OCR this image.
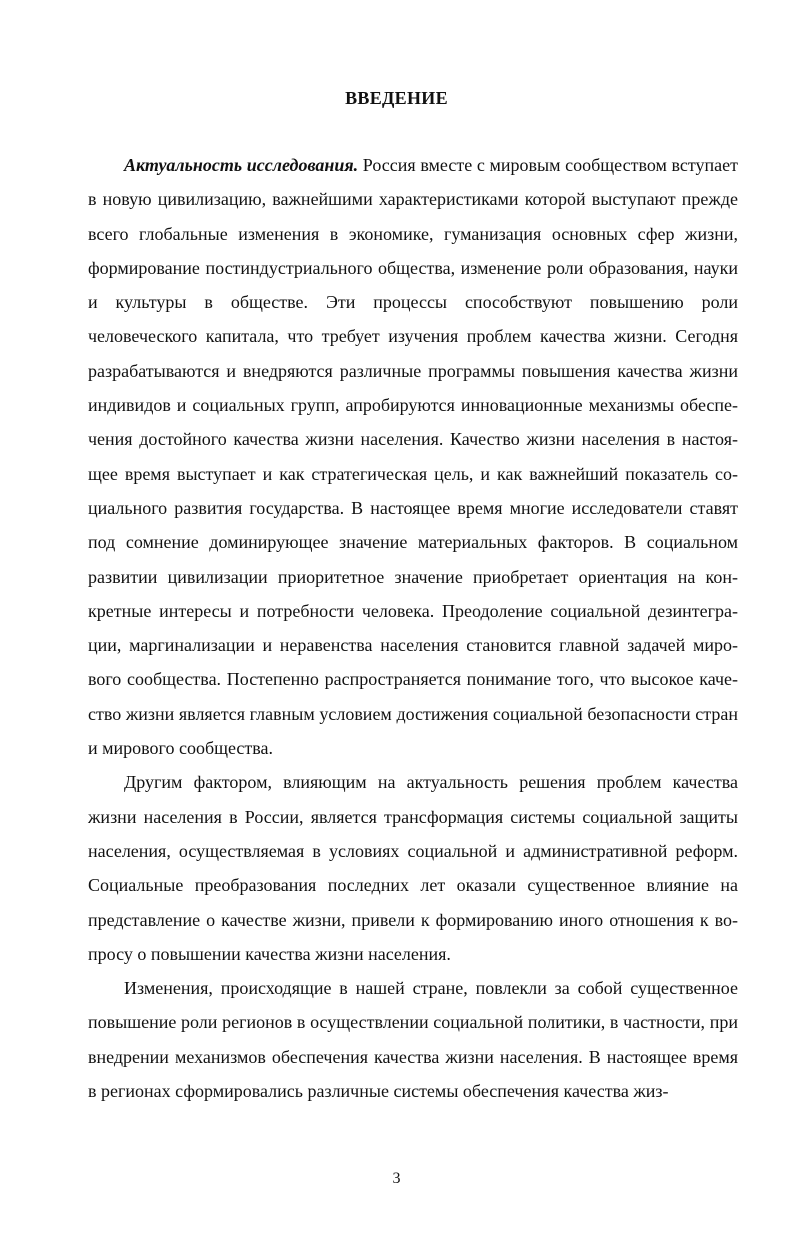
ВВЕДЕНИЕ

Актуальность исследования. Россия вместе с мировым сообществом вступает в новую цивилизацию, важнейшими характеристиками которой выступают прежде всего глобальные изменения в экономике, гуманизация основных сфер жизни, формирование постиндустриального общества, изменение роли образования, науки и культуры в обществе. Эти процессы способствуют повышению роли человеческого капитала, что требует изучения проблем качества жизни. Сегодня разрабатываются и внедряются различные программы повышения качества жизни индивидов и социальных групп, апробируются инновационные механизмы обеспечения достойного качества жизни населения. Качество жизни населения в настоящее время выступает и как стратегическая цель, и как важнейший показатель социального развития государства. В настоящее время многие исследователи ставят под сомнение доминирующее значение материальных факторов. В социальном развитии цивилизации приоритетное значение приобретает ориентация на конкретные интересы и потребности человека. Преодоление социальной дезинтеграции, маргинализации и неравенства населения становится главной задачей мирового сообщества. Постепенно распространяется понимание того, что высокое качество жизни является главным условием достижения социальной безопасности стран и мирового сообщества.

Другим фактором, влияющим на актуальность решения проблем качества жизни населения в России, является трансформация системы социальной защиты населения, осуществляемая в условиях социальной и административной реформ. Социальные преобразования последних лет оказали существенное влияние на представление о качестве жизни, привели к формированию иного отношения к вопросу о повышении качества жизни населения.

Изменения, происходящие в нашей стране, повлекли за собой существенное повышение роли регионов в осуществлении социальной политики, в частности, при внедрении механизмов обеспечения качества жизни населения. В настоящее время в регионах сформировались различные системы обеспечения качества жиз-

3
